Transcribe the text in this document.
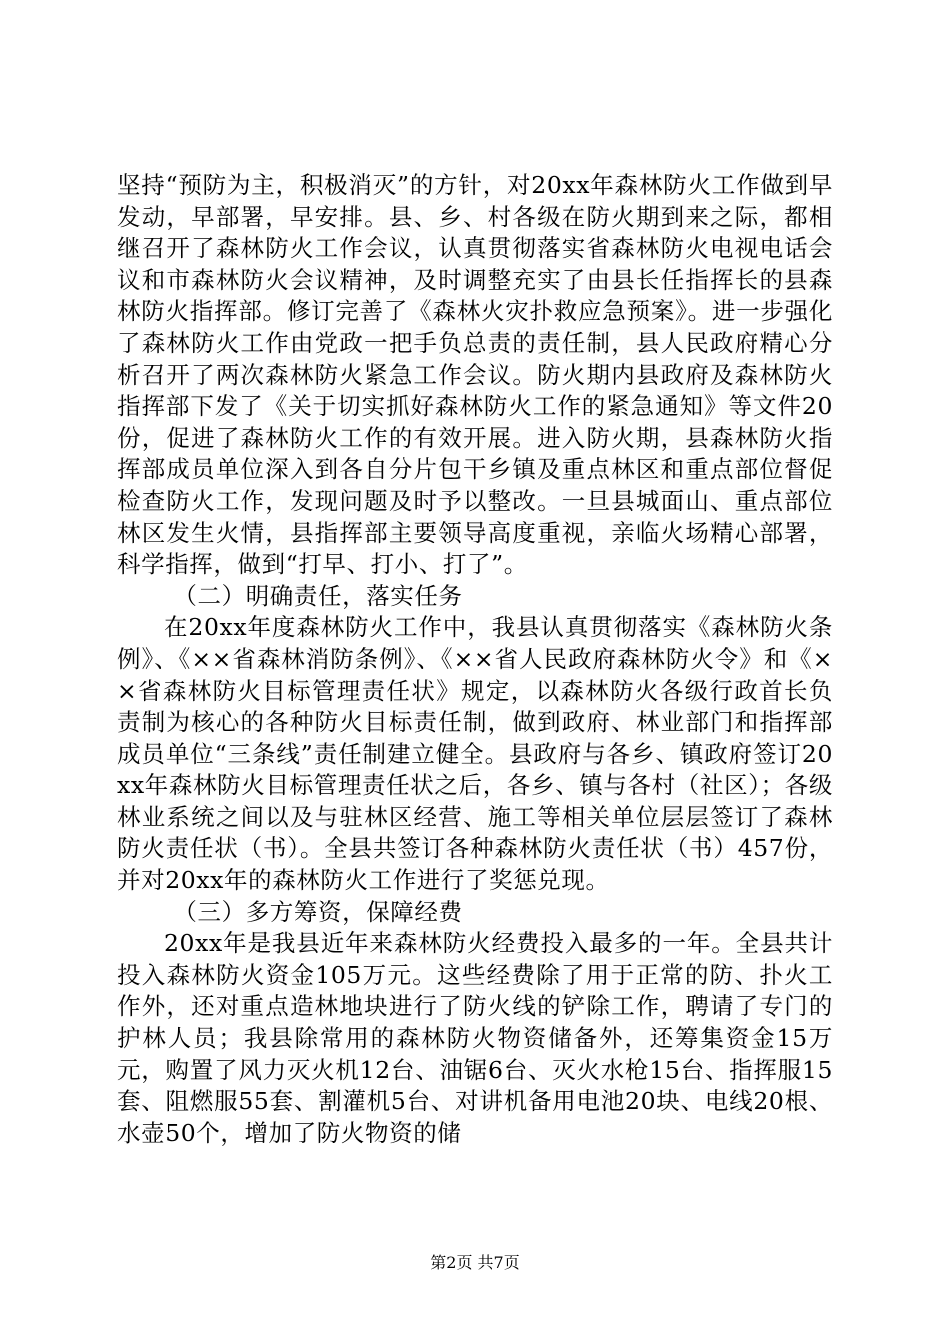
坚持“预防为主，积极消灭”的方针，对20xx年森林防火工作做到早发动，早部署，早安排。县、乡、村各级在防火期到来之际，都相继召开了森林防火工作会议，认真贯彻落实省森林防火电视电话会议和市森林防火会议精神，及时调整充实了由县长任指挥长的县森林防火指挥部。修订完善了《森林火灾扑救应急预案》。进一步强化了森林防火工作由党政一把手负总责的责任制，县人民政府精心分析召开了两次森林防火紧急工作会议。防火期内县政府及森林防火指挥部下发了《关于切实抓好森林防火工作的紧急通知》等文件20份，促进了森林防火工作的有效开展。进入防火期，县森林防火指挥部成员单位深入到各自分片包干乡镇及重点林区和重点部位督促检查防火工作，发现问题及时予以整改。一旦县城面山、重点部位林区发生火情，县指挥部主要领导高度重视，亲临火场精心部署，科学指挥，做到“打早、打小、打了”。

（二）明确责任，落实任务

在20xx年度森林防火工作中，我县认真贯彻落实《森林防火条例》、《××省森林消防条例》、《××省人民政府森林防火令》和《××省森林防火目标管理责任状》规定，以森林防火各级行政首长负责制为核心的各种防火目标责任制，做到政府、林业部门和指挥部成员单位“三条线”责任制建立健全。县政府与各乡、镇政府签订20xx年森林防火目标管理责任状之后，各乡、镇与各村（社区）；各级林业系统之间以及与驻林区经营、施工等相关单位层层签订了森林防火责任状（书）。全县共签订各种森林防火责任状（书）457份，并对20xx年的森林防火工作进行了奖惩兑现。

（三）多方筹资，保障经费

20xx年是我县近年来森林防火经费投入最多的一年。全县共计投入森林防火资金105万元。这些经费除了用于正常的防、扑火工作外，还对重点造林地块进行了防火线的铲除工作，聘请了专门的护林人员；我县除常用的森林防火物资储备外，还筹集资金15万元，购置了风力灭火机12台、油锯6台、灭火水枪15台、指挥服15套、阻燃服55套、割灌机5台、对讲机备用电池20块、电线20根、水壶50个，增加了防火物资的储

第2页 共7页
